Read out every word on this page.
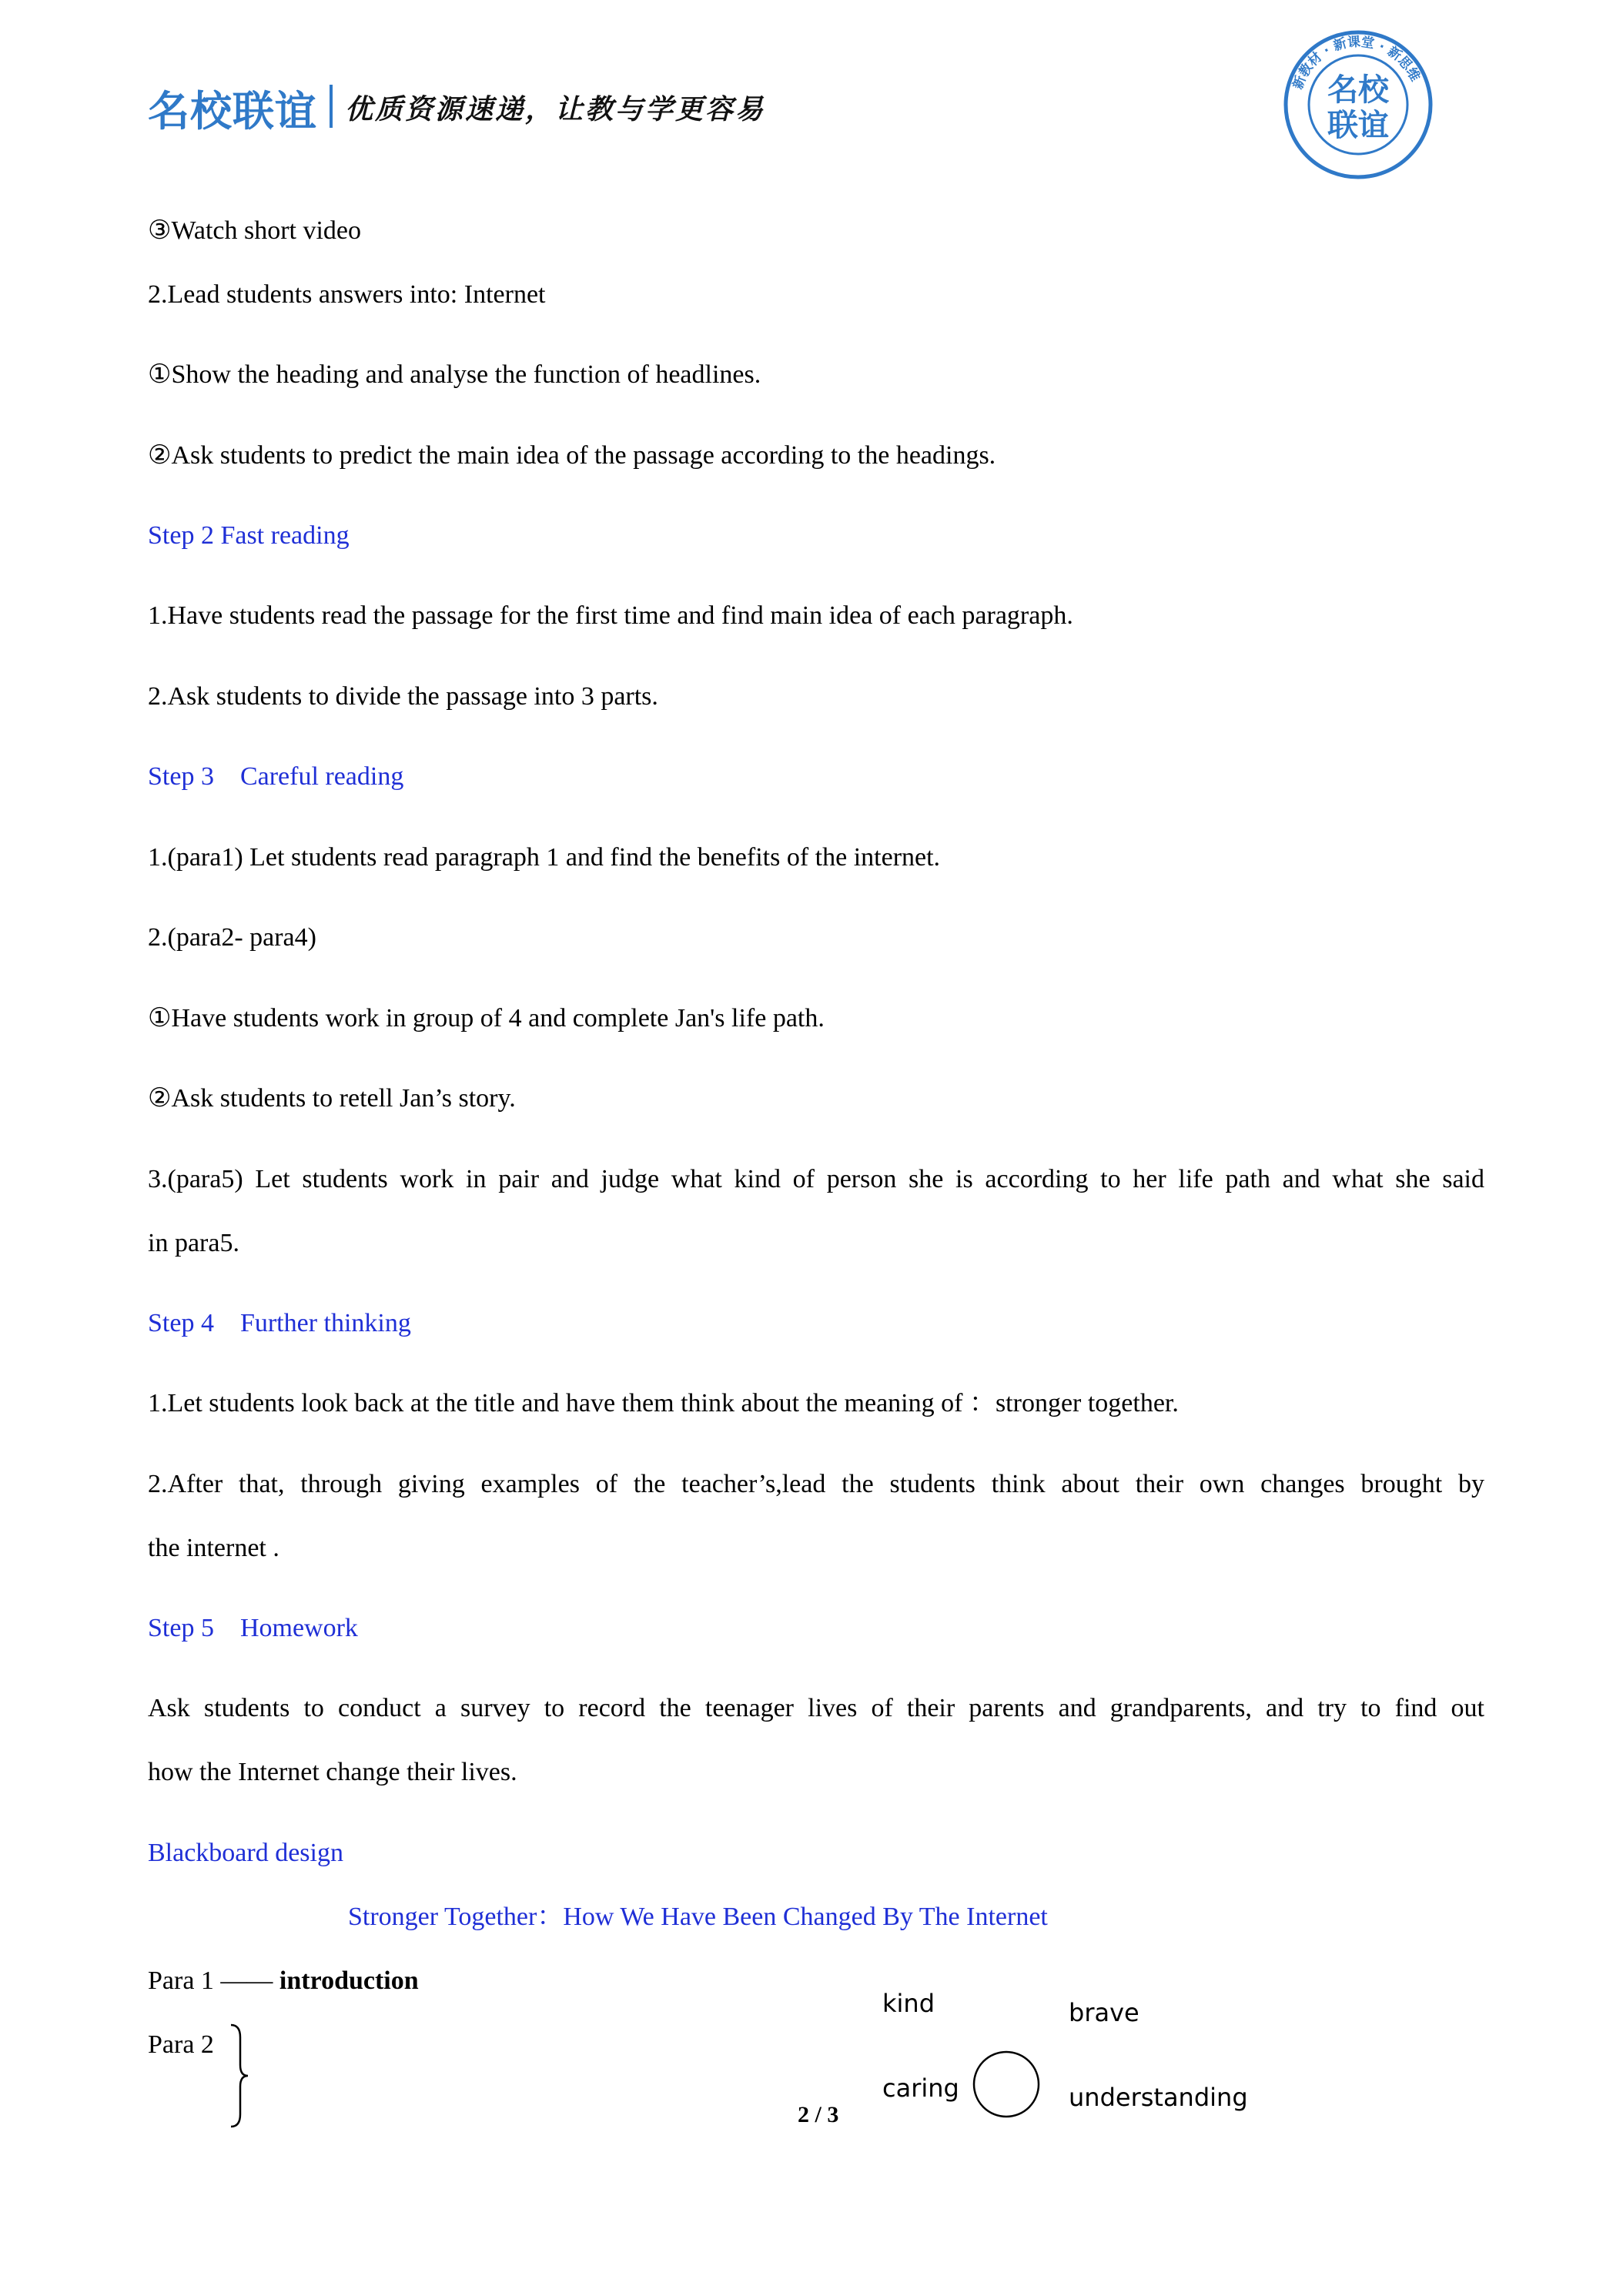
名校联谊 优质资源速递，让教与学更容易
新教材 · 新课堂 · 新思维
名校
联谊
③Watch short video
2.Lead students answers into: Internet
①Show the heading and analyse the function of headlines.
②Ask students to predict the main idea of the passage according to the headings.
Step 2 Fast reading
1.Have students read the passage for the first time and find main idea of each paragraph.
2.Ask students to divide the passage into 3 parts.
Step 3　Careful reading
1.(para1) Let students read paragraph 1 and find the benefits of the internet.
2.(para2- para4)
①Have students work in group of 4 and complete Jan's life path.
②Ask students to retell Jan’s story.
3.(para5) Let students work in pair and judge what kind of person she is according to her life path and what she said
in para5.
Step 4　Further thinking
1.Let students look back at the title and have them think about the meaning of ：stronger together.
2.After that, through giving examples of the teacher’s,lead the students think about their own changes brought by
the internet .
Step 5　Homework
Ask students to conduct a survey to record the teenager lives of their parents and grandparents, and try to find out
how the Internet change their lives.
Blackboard design
Stronger Together：How We Have Been Changed By The Internet
Para 1 —— introduction
Para 2
kind	brave
caring	understanding
2 / 3
